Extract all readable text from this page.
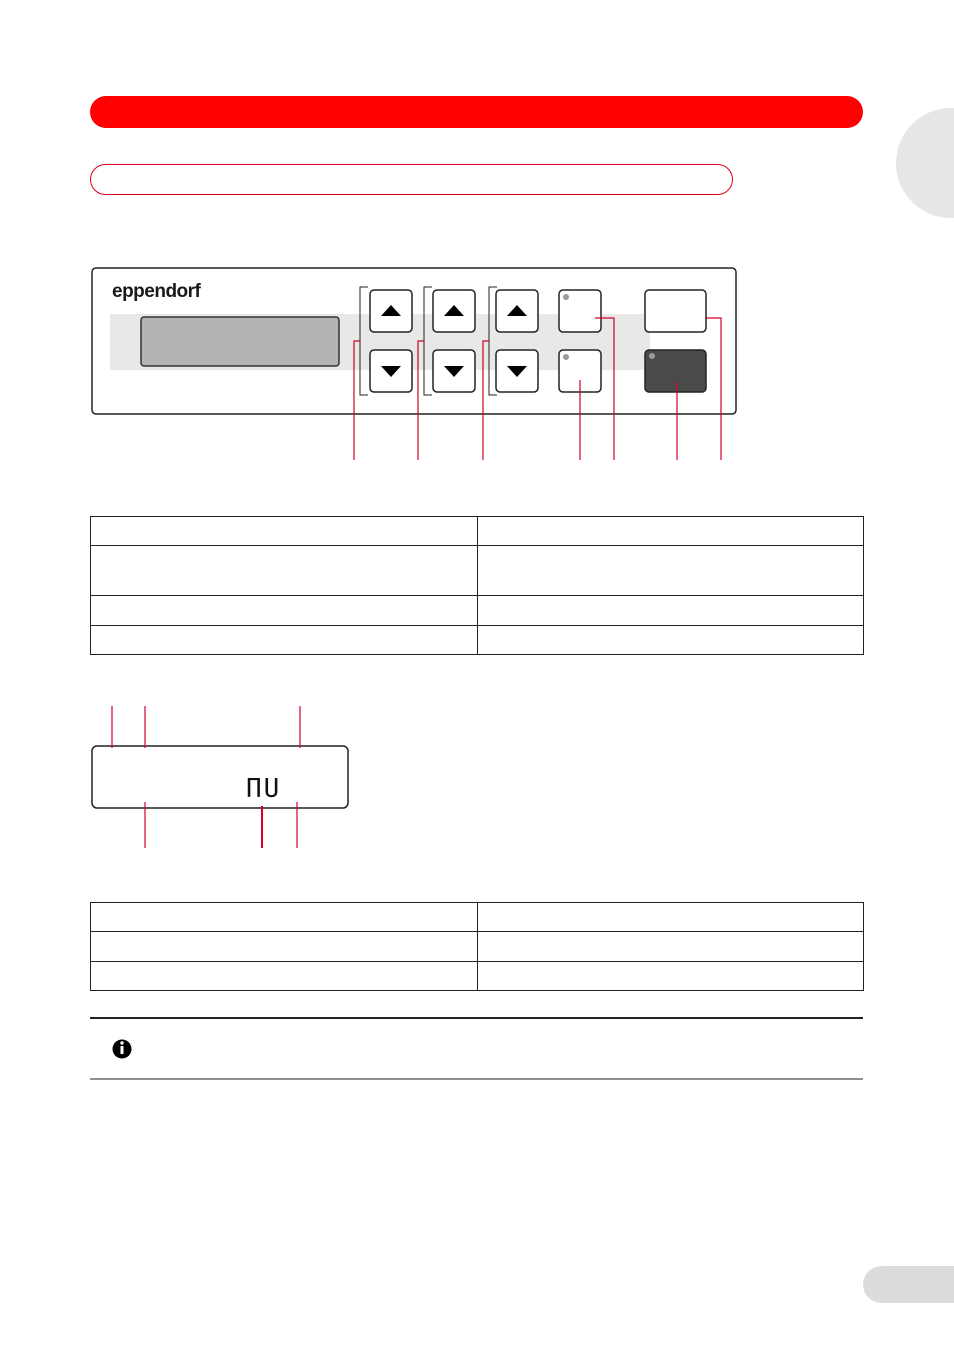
eppendorf
ΠU
